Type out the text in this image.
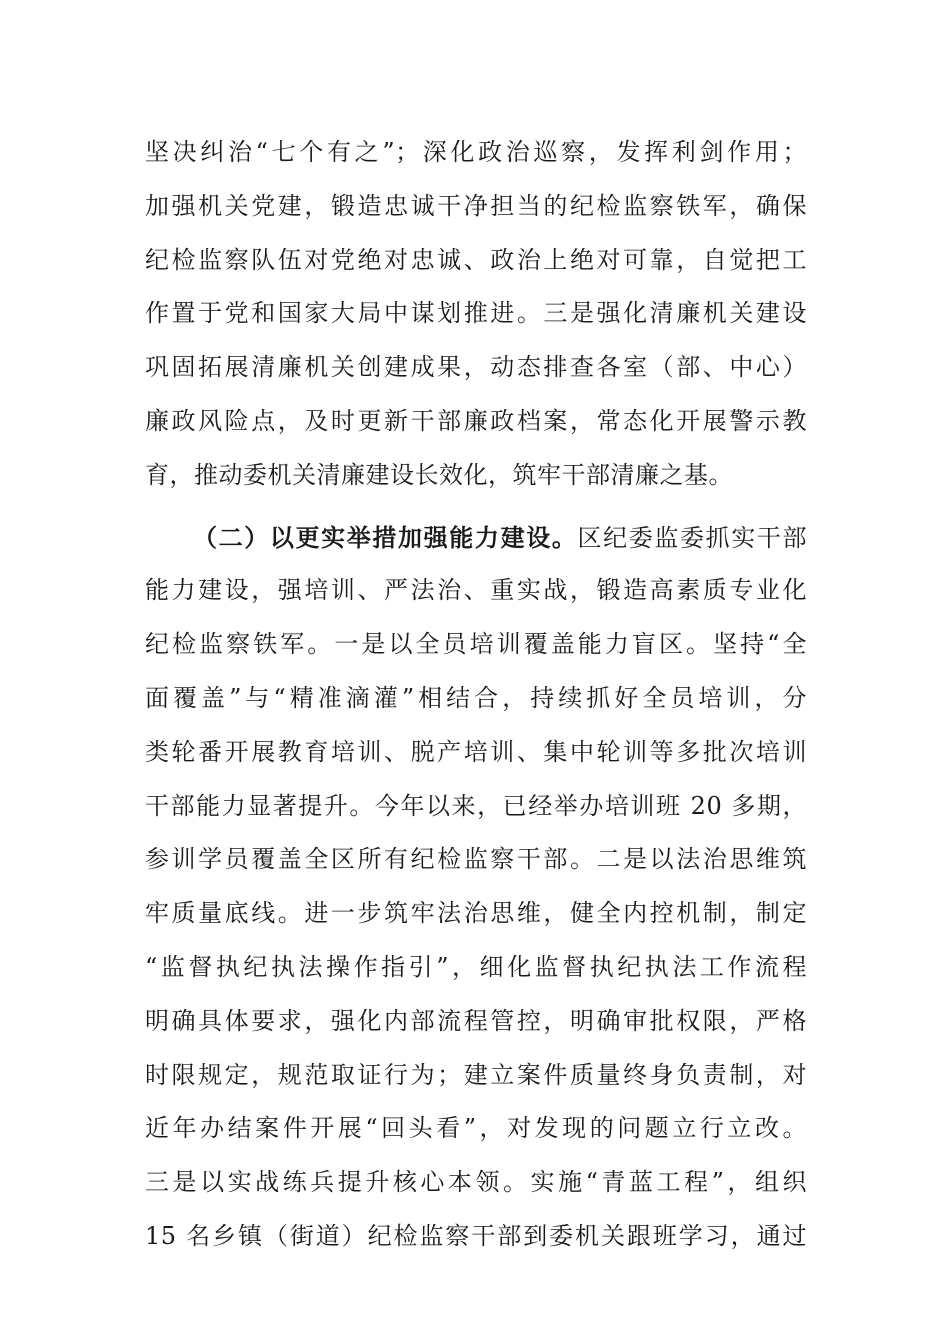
坚决纠治“七个有之”；深化政治巡察，发挥利剑作用；
加强机关党建，锻造忠诚干净担当的纪检监察铁军，确保
纪检监察队伍对党绝对忠诚、政治上绝对可靠，自觉把工
作置于党和国家大局中谋划推进。三是强化清廉机关建设
巩固拓展清廉机关创建成果，动态排查各室（部、中心）
廉政风险点，及时更新干部廉政档案，常态化开展警示教
育，推动委机关清廉建设长效化，筑牢干部清廉之基。
（二）以更实举措加强能力建设。区纪委监委抓实干部
能力建设，强培训、严法治、重实战，锻造高素质专业化
纪检监察铁军。一是以全员培训覆盖能力盲区。坚持“全
面覆盖”与“精准滴灌”相结合，持续抓好全员培训，分
类轮番开展教育培训、脱产培训、集中轮训等多批次培训
干部能力显著提升。今年以来，已经举办培训班 20 多期，
参训学员覆盖全区所有纪检监察干部。二是以法治思维筑
牢质量底线。进一步筑牢法治思维，健全内控机制，制定
“监督执纪执法操作指引”，细化监督执纪执法工作流程
明确具体要求，强化内部流程管控，明确审批权限，严格
时限规定，规范取证行为；建立案件质量终身负责制，对
近年办结案件开展“回头看”，对发现的问题立行立改。
三是以实战练兵提升核心本领。实施“青蓝工程”，组织
15 名乡镇（街道）纪检监察干部到委机关跟班学习，通过
